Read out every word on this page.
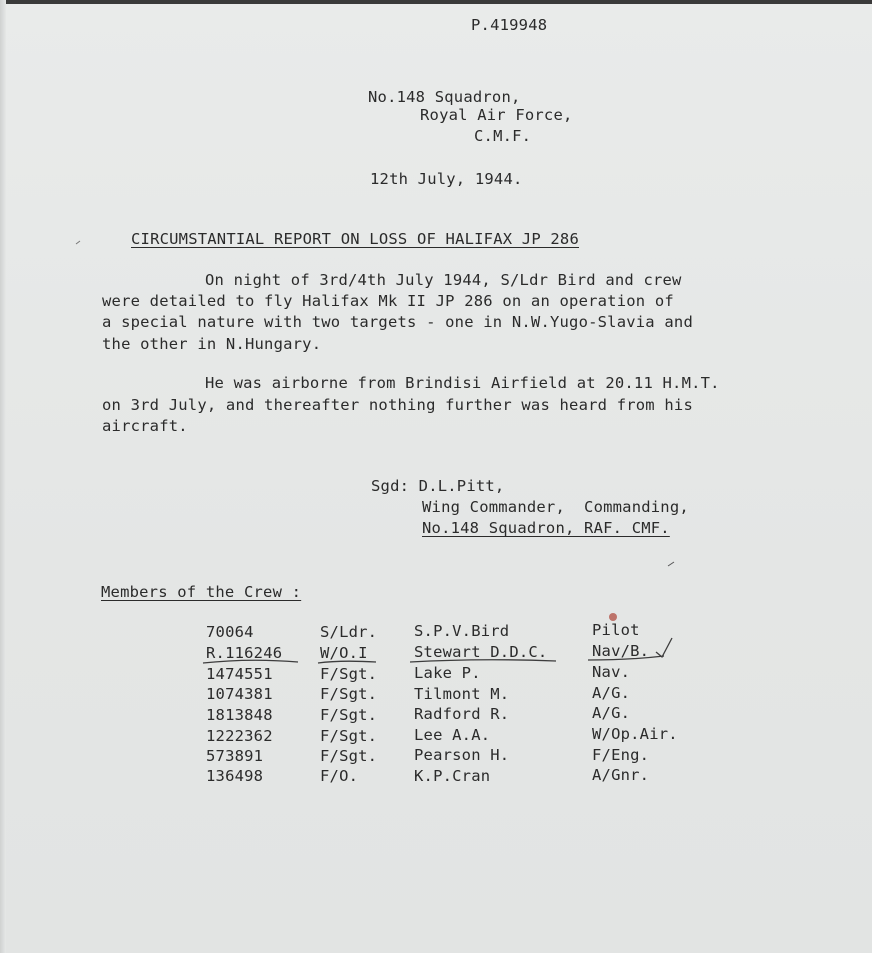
P.419948
No.148 Squadron,
Royal Air Force,
C.M.F.
12th July, 1944.
CIRCUMSTANTIAL REPORT ON LOSS OF HALIFAX JP 286
On night of 3rd/4th July 1944, S/Ldr Bird and crew
were detailed to fly Halifax Mk II JP 286 on an operation of
a special nature with two targets - one in N.W.Yugo-Slavia and
the other in N.Hungary.
He was airborne from Brindisi Airfield at 20.11 H.M.T.
on 3rd July, and thereafter nothing further was heard from his
aircraft.
Sgd: D.L.Pitt,
Wing Commander,  Commanding,
No.148 Squadron, RAF. CMF.
Members of the Crew :
70064	S/Ldr. S.P.V.Bird	Pilot
R.116246 W/O.I	Stewart D.D.C.	Nav/B.
1474551	F/Sgt. Lake P.	Nav.
1074381	F/Sgt. Tilmont M.	A/G.
1813848	F/Sgt. Radford R.	A/G.
1222362	F/Sgt. Lee A.A.	W/Op.Air.
573891	F/Sgt. Pearson H.	F/Eng.
136498	F/O.	K.P.Cran	A/Gnr.
